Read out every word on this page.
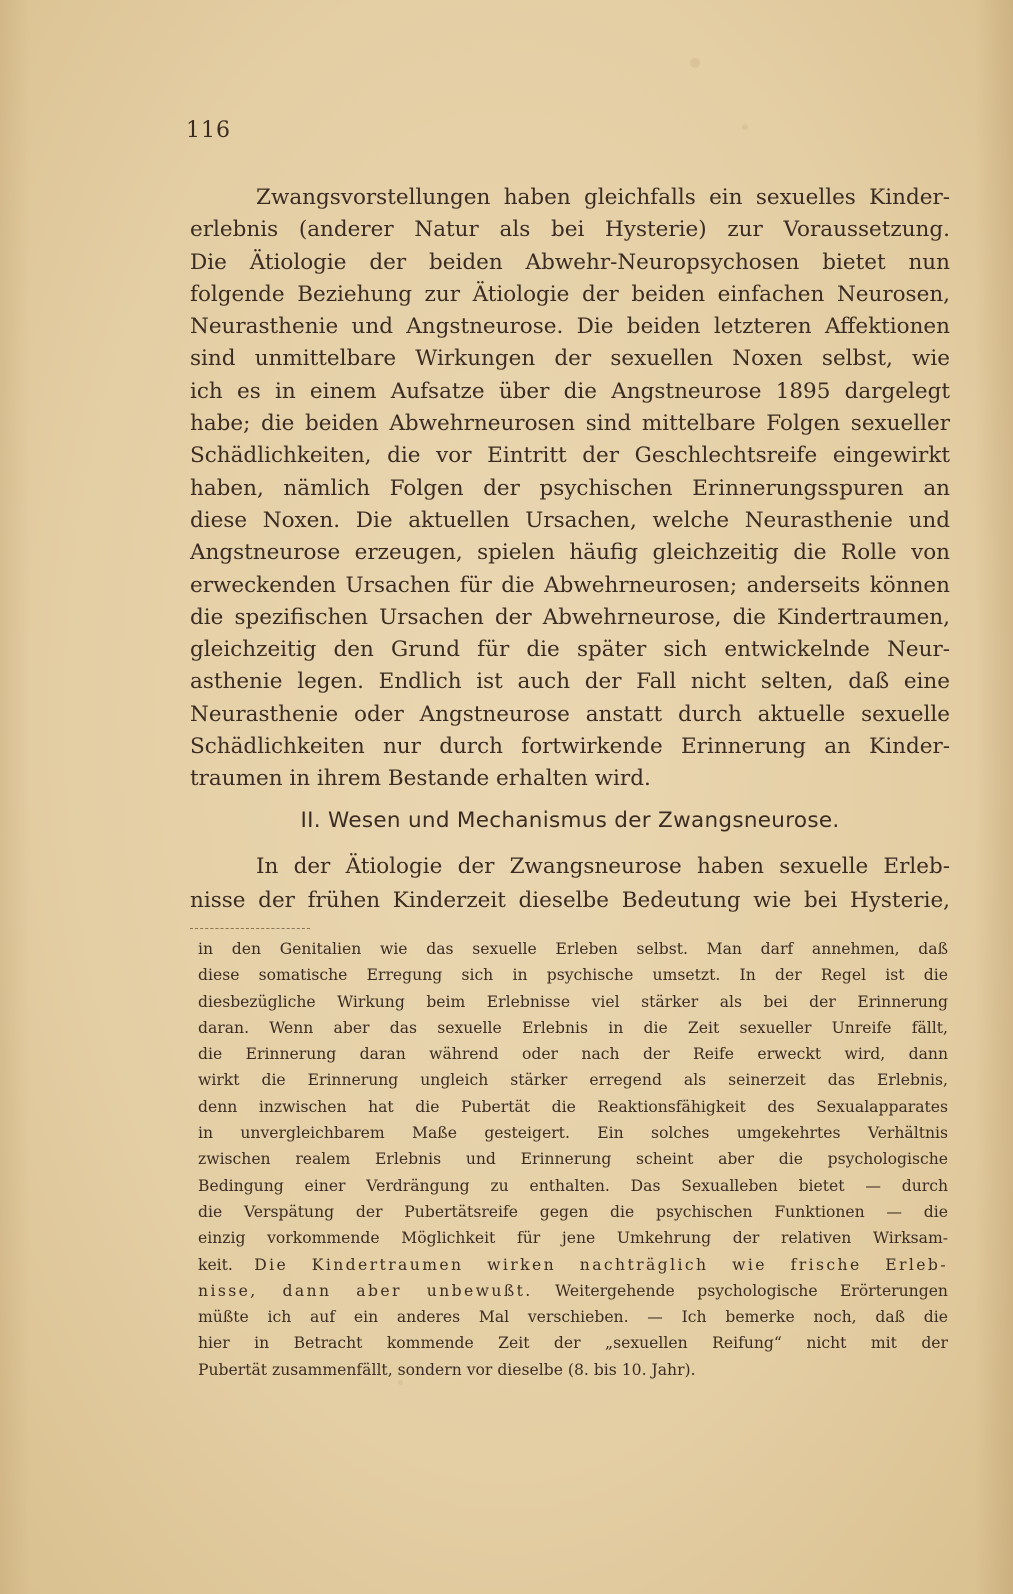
116
Zwangsvorstellungen haben gleichfalls ein sexuelles Kinder-
erlebnis (anderer Natur als bei Hysterie) zur Voraussetzung.
Die Ätiologie der beiden Abwehr-Neuropsychosen bietet nun
folgende Beziehung zur Ätiologie der beiden einfachen Neurosen,
Neurasthenie und Angstneurose. Die beiden letzteren Affektionen
sind unmittelbare Wirkungen der sexuellen Noxen selbst, wie
ich es in einem Aufsatze über die Angstneurose 1895 dargelegt
habe; die beiden Abwehrneurosen sind mittelbare Folgen sexueller
Schädlichkeiten, die vor Eintritt der Geschlechtsreife eingewirkt
haben, nämlich Folgen der psychischen Erinnerungsspuren an
diese Noxen. Die aktuellen Ursachen, welche Neurasthenie und
Angstneurose erzeugen, spielen häufig gleichzeitig die Rolle von
erweckenden Ursachen für die Abwehrneurosen; anderseits können
die spezifischen Ursachen der Abwehrneurose, die Kindertraumen,
gleichzeitig den Grund für die später sich entwickelnde Neur-
asthenie legen. Endlich ist auch der Fall nicht selten, daß eine
Neurasthenie oder Angstneurose anstatt durch aktuelle sexuelle
Schädlichkeiten nur durch fortwirkende Erinnerung an Kinder-
traumen in ihrem Bestande erhalten wird.
II. Wesen und Mechanismus der Zwangsneurose.
In der Ätiologie der Zwangsneurose haben sexuelle Erleb-
nisse der frühen Kinderzeit dieselbe Bedeutung wie bei Hysterie,
in den Genitalien wie das sexuelle Erleben selbst. Man darf annehmen, daß
diese somatische Erregung sich in psychische umsetzt. In der Regel ist die
diesbezügliche Wirkung beim Erlebnisse viel stärker als bei der Erinnerung
daran. Wenn aber das sexuelle Erlebnis in die Zeit sexueller Unreife fällt,
die Erinnerung daran während oder nach der Reife erweckt wird, dann
wirkt die Erinnerung ungleich stärker erregend als seinerzeit das Erlebnis,
denn inzwischen hat die Pubertät die Reaktionsfähigkeit des Sexualapparates
in unvergleichbarem Maße gesteigert. Ein solches umgekehrtes Verhältnis
zwischen realem Erlebnis und Erinnerung scheint aber die psychologische
Bedingung einer Verdrängung zu enthalten. Das Sexualleben bietet — durch
die Verspätung der Pubertätsreife gegen die psychischen Funktionen — die
einzig vorkommende Möglichkeit für jene Umkehrung der relativen Wirksam-
keit. Die Kindertraumen wirken nachträglich wie frische Erleb-
nisse, dann aber unbewußt. Weitergehende psychologische Erörterungen
müßte ich auf ein anderes Mal verschieben. — Ich bemerke noch, daß die
hier in Betracht kommende Zeit der „sexuellen Reifung“ nicht mit der
Pubertät zusammenfällt, sondern vor dieselbe (8. bis 10. Jahr).
